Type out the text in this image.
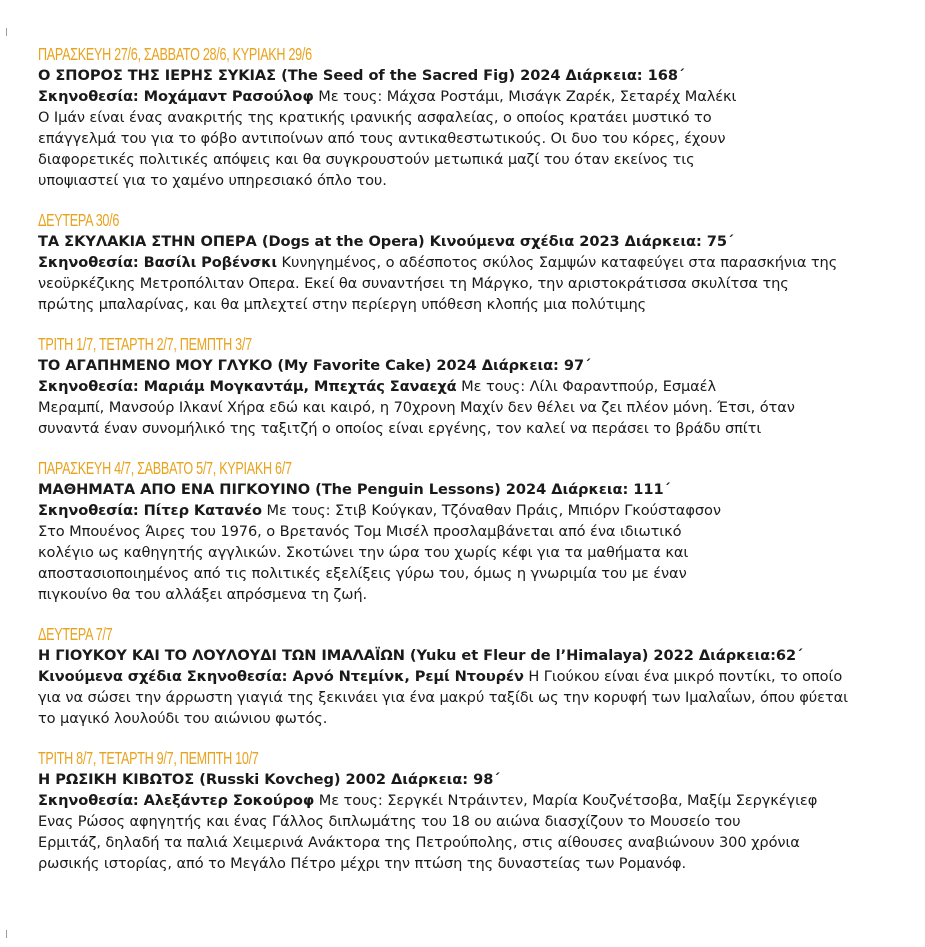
ΠΑΡΑΣΚΕΥΗ 27/6, ΣΑΒΒΑΤΟ 28/6, ΚΥΡΙΑΚΗ 29/6
Ο ΣΠΟΡΟΣ ΤΗΣ ΙΕΡΗΣ ΣΥΚΙΑΣ (The Seed of the Sacred Fig) 2024 Διάρκεια: 168΄
Σκηνοθεσία: Μοχάμαντ Ρασούλοφ Με τους: Μάχσα Ροστάμι, Μισάγκ Ζαρέκ, Σεταρέχ Μαλέκι
Ο Ιμάν είναι ένας ανακριτής της κρατικής ιρανικής ασφαλείας, ο οποίος κρατάει μυστικό το
επάγγελμά του για το φόβο αντιποίνων από τους αντικαθεστωτικούς. Οι δυο του κόρες, έχουν
διαφορετικές πολιτικές απόψεις και θα συγκρουστούν μετωπικά μαζί του όταν εκείνος τις
υποψιαστεί για το χαμένο υπηρεσιακό όπλο του.
ΔΕΥΤΕΡΑ 30/6
ΤΑ ΣΚΥΛΑΚΙΑ ΣΤΗΝ ΟΠΕΡΑ (Dogs at the Opera) Κινούμενα σχέδια 2023 Διάρκεια: 75΄
Σκηνοθεσία: Βασίλι Ροβένσκι Κυνηγημένος, ο αδέσποτος σκύλος Σαμψών καταφεύγει στα παρασκήνια της
νεοϋρκέζικης Μετροπόλιταν Οπερα. Εκεί θα συναντήσει τη Μάργκο, την αριστοκράτισσα σκυλίτσα της
πρώτης μπαλαρίνας, και θα μπλεχτεί στην περίεργη υπόθεση κλοπής μια πολύτιμης
ΤΡΙΤΗ 1/7, ΤΕΤΑΡΤΗ 2/7, ΠΕΜΠΤΗ 3/7
ΤΟ ΑΓΑΠΗΜΕΝΟ ΜΟΥ ΓΛΥΚΟ (My Favorite Cake) 2024 Διάρκεια: 97΄
Σκηνοθεσία: Μαριάμ Μογκαντάμ, Μπεχτάς Σαναεχά Με τους: Λίλι Φαραντπούρ, Εσμαέλ
Μεραμπί, Μανσούρ Ιλκανί Χήρα εδώ και καιρό, η 70χρονη Μαχίν δεν θέλει να ζει πλέον μόνη. Έτσι, όταν
συναντά έναν συνομήλικό της ταξιτζή ο οποίος είναι εργένης, τον καλεί να περάσει το βράδυ σπίτι
ΠΑΡΑΣΚΕΥΗ 4/7, ΣΑΒΒΑΤΟ 5/7, ΚΥΡΙΑΚΗ 6/7
ΜΑΘΗΜΑΤΑ ΑΠΟ ΕΝΑ ΠΙΓΚΟΥΙΝΟ (The Penguin Lessons) 2024 Διάρκεια: 111΄
Σκηνοθεσία: Πίτερ Κατανέο Με τους: Στιβ Κούγκαν, Τζόναθαν Πράις, Μπιόρν Γκούσταφσον
Στο Μπουένος Άιρες του 1976, ο Βρετανός Τομ Μισέλ προσλαμβάνεται από ένα ιδιωτικό
κολέγιο ως καθηγητής αγγλικών. Σκοτώνει την ώρα του χωρίς κέφι για τα μαθήματα και
αποστασιοποιημένος από τις πολιτικές εξελίξεις γύρω του, όμως η γνωριμία του με έναν
πιγκουίνο θα του αλλάξει απρόσμενα τη ζωή.
ΔΕΥΤΕΡΑ 7/7
Η ΓΙΟΥΚΟΥ ΚΑΙ ΤΟ ΛΟΥΛΟΥΔΙ ΤΩΝ ΙΜΑΛΑΪΩΝ (Yuku et Fleur de l’Himalaya) 2022 Διάρκεια:62΄
Κινούμενα σχέδια Σκηνοθεσία: Αρνό Ντεμίνκ, Ρεμί Ντουρέν Η Γιούκου είναι ένα μικρό ποντίκι, το οποίο
για να σώσει την άρρωστη γιαγιά της ξεκινάει για ένα μακρύ ταξίδι ως την κορυφή των Ιμαλαΐων, όπου φύεται
το μαγικό λουλούδι του αιώνιου φωτός.
ΤΡΙΤΗ 8/7, ΤΕΤΑΡΤΗ 9/7, ΠΕΜΠΤΗ 10/7
Η ΡΩΣΙΚΗ ΚΙΒΩΤΟΣ (Russki Kovcheg) 2002 Διάρκεια: 98΄
Σκηνοθεσία: Αλεξάντερ Σοκούροφ Με τους: Σεργκέι Ντράιντεν, Μαρία Κουζνέτσοβα, Μαξίμ Σεργκέγιεφ
Ενας Ρώσος αφηγητής και ένας Γάλλος διπλωμάτης του 18 ου αιώνα διασχίζουν το Μουσείο του
Ερμιτάζ, δηλαδή τα παλιά Χειμερινά Ανάκτορα της Πετρούπολης, στις αίθουσες αναβιώνουν 300 χρόνια
ρωσικής ιστορίας, από το Μεγάλο Πέτρο μέχρι την πτώση της δυναστείας των Ρομανόφ.
